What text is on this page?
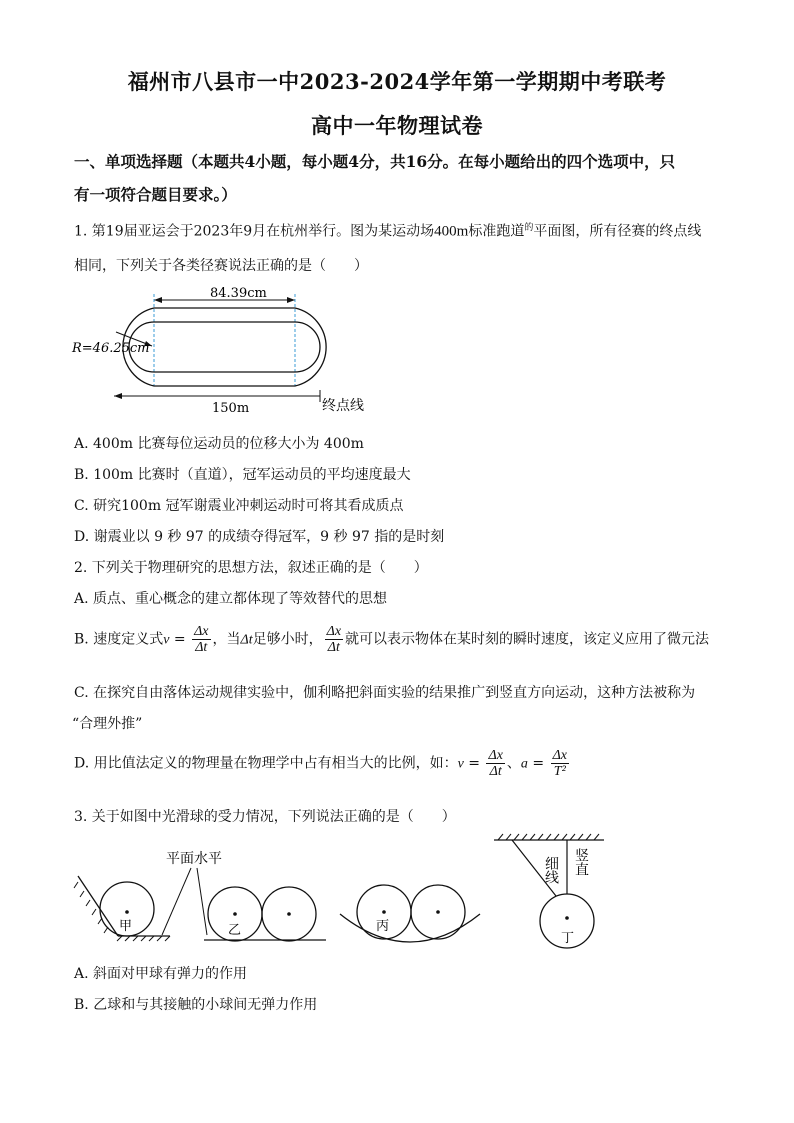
福州市八县市一中2023-2024学年第一学期期中考联考
高中一年物理试卷
一、单项选择题（本题共4小题，每小题4分，共16分。在每小题给出的四个选项中，只
有一项符合题目要求。）
1. 第19届亚运会于2023年9月在杭州举行。图为某运动场400m标准跑道$^的$平面图，所有径赛的终点线
相同，下列关于各类径赛说法正确的是（　　）
84.39cm
R=46.25cm
150m	终点线
A. 400m 比赛每位运动员的位移大小为 400m
B. 100m 比赛时（直道），冠军运动员的平均速度最大
C. 研究100m 冠军谢震业冲刺运动时可将其看成质点
D. 谢震业以 9 秒 97 的成绩夺得冠军，9 秒 97 指的是时刻
2. 下列关于物理研究的思想方法，叙述正确的是（　　）
A. 质点、重心概念的建立都体现了等效替代的思想
B. 速度定义式$v = \frac{\Delta x}{\Delta t}$ ，当Δt足够小时， $\frac{\Delta x}{\Delta t}$ 就可以表示物体在某时刻的瞬时速度，该定义应用了微元法
C. 在探究自由落体运动规律实验中，伽利略把斜面实验的结果推广到竖直方向运动，这种方法被称为
“合理外推”
D. 用比值法定义的物理量在物理学中占有相当大的比例，如：$v = \frac{\Delta x}{\Delta t}$ 、$a = \frac{\Delta x}{\text{T²}}$
3. 关于如图中光滑球的受力情况，下列说法正确的是（　　）
甲
平面水平
乙	丙
丁
细线 竖直
A. 斜面对甲球有弹力的作用
B. 乙球和与其接触的小球间无弹力作用
